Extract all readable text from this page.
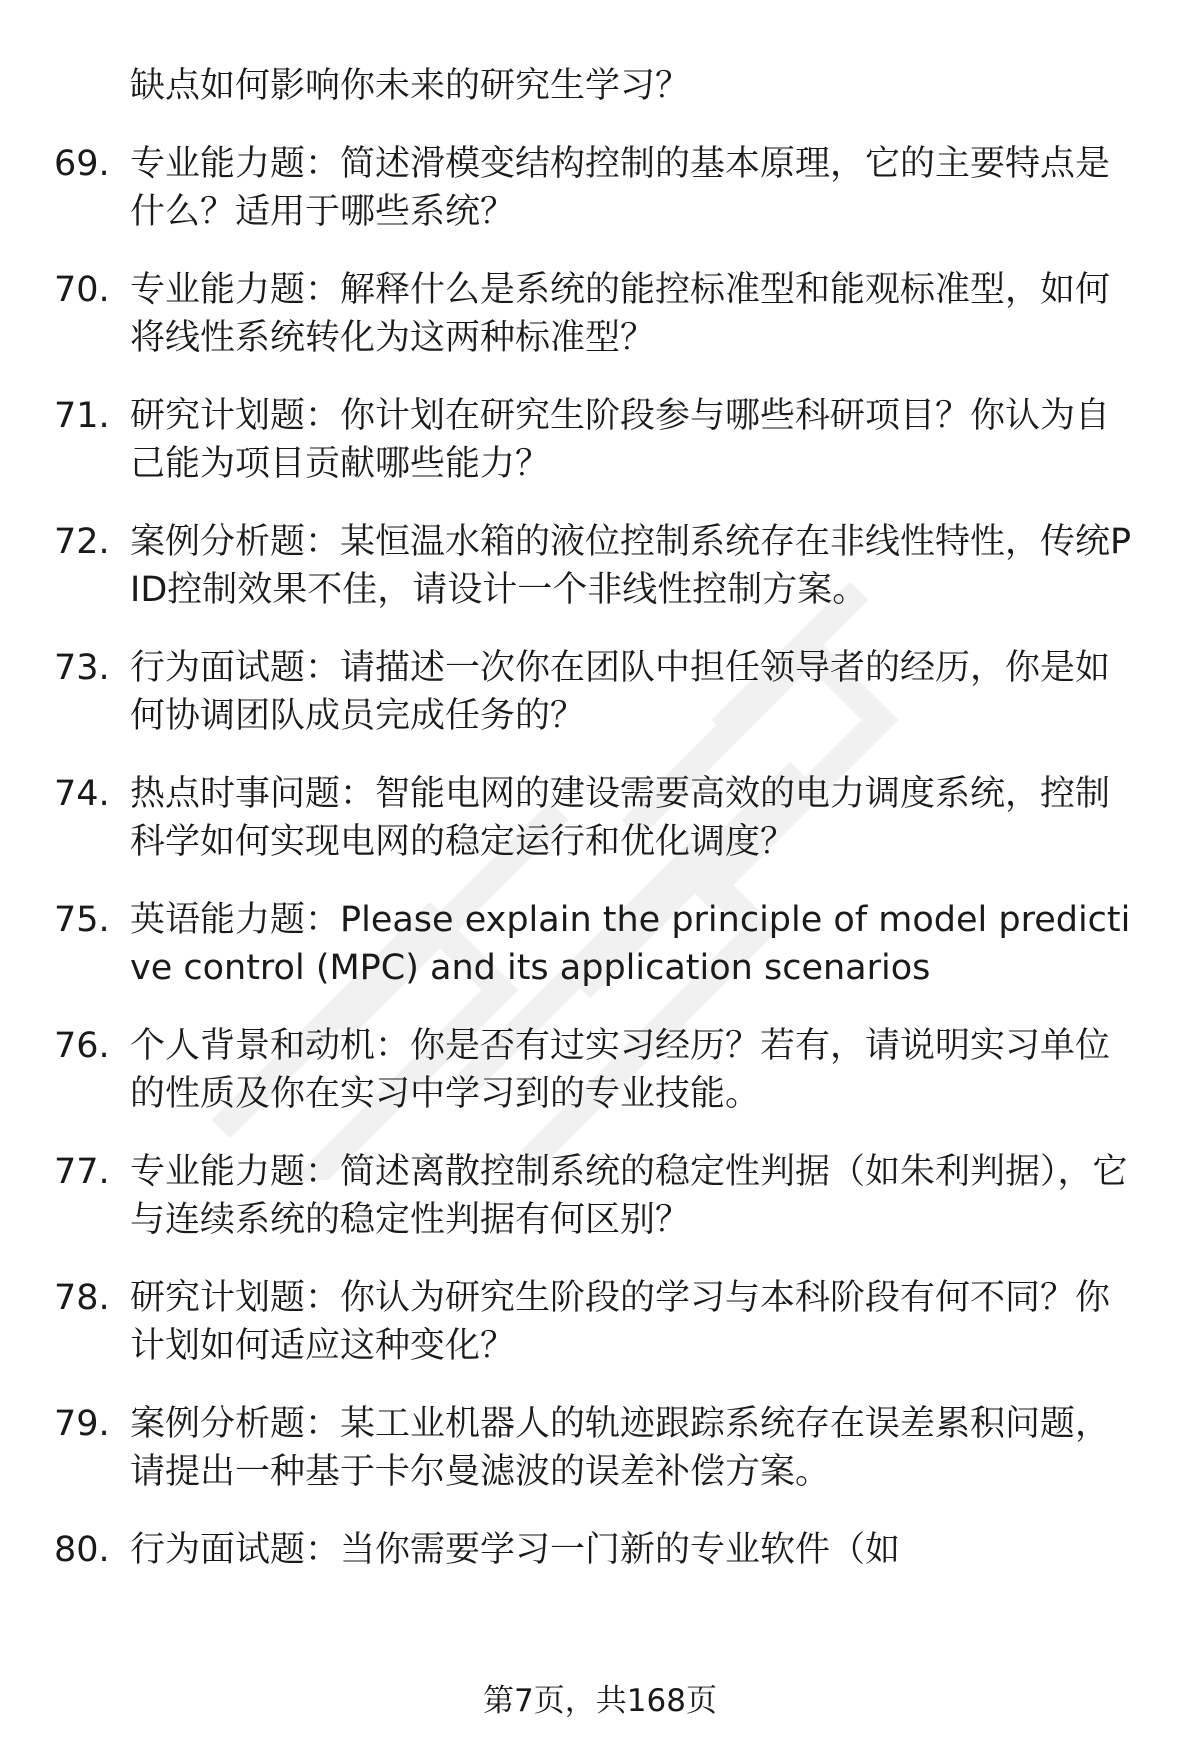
缺点如何影响你未来的研究生学习？

69. 专业能力题：简述滑模变结构控制的基本原理，它的主要特点是什么？适用于哪些系统？
70. 专业能力题：解释什么是系统的能控标准型和能观标准型，如何将线性系统转化为这两种标准型？
71. 研究计划题：你计划在研究生阶段参与哪些科研项目？你认为自己能为项目贡献哪些能力？
72. 案例分析题：某恒温水箱的液位控制系统存在非线性特性，传统PID控制效果不佳，请设计一个非线性控制方案。
73. 行为面试题：请描述一次你在团队中担任领导者的经历，你是如何协调团队成员完成任务的？
74. 热点时事问题：智能电网的建设需要高效的电力调度系统，控制科学如何实现电网的稳定运行和优化调度？
75. 英语能力题：Please explain the principle of model predictive control (MPC) and its application scenarios
76. 个人背景和动机：你是否有过实习经历？若有，请说明实习单位的性质及你在实习中学习到的专业技能。
77. 专业能力题：简述离散控制系统的稳定性判据（如朱利判据），它与连续系统的稳定性判据有何区别？
78. 研究计划题：你认为研究生阶段的学习与本科阶段有何不同？你计划如何适应这种变化？
79. 案例分析题：某工业机器人的轨迹跟踪系统存在误差累积问题，请提出一种基于卡尔曼滤波的误差补偿方案。
80. 行为面试题：当你需要学习一门新的专业软件（如
第7页，共168页
